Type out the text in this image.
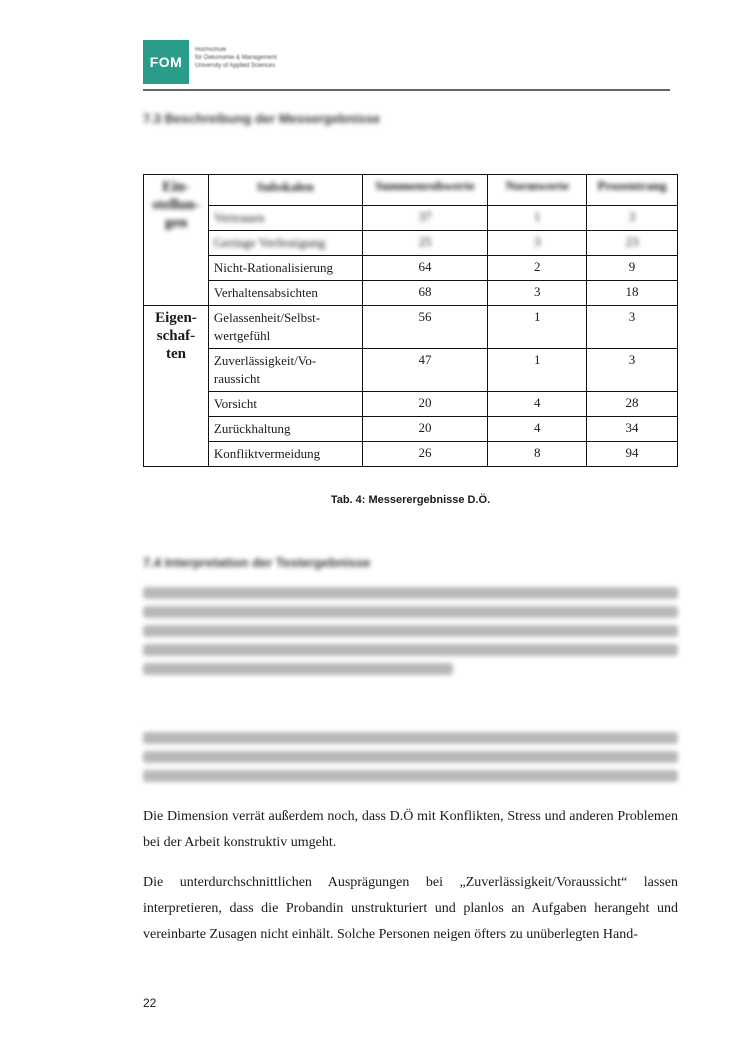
FOM
Hochschule
für Oekonomie & Management
University of Applied Sciences
7.3 Beschreibung der Messergebnisse
Ein-stellun-gen	Subskalen	Summenrohwerte	Normwerte	Prozentrang
	Vertrauen	37	1	3
	Geringe Verfestigung	25	3	23
	Nicht-Rationalisierung	64	2	9
	Verhaltensabsichten	68	3	18
Eigen-schaf-ten	Gelassenheit/Selbst-wertgefühl	56	1	3
	Zuverlässigkeit/Vo-raussicht	47	1	3
	Vorsicht	20	4	28
	Zurückhaltung	20	4	34
	Konfliktvermeidung	26	8	94
Tab. 4: Messerergebnisse D.Ö.
7.4 Interpretation der Testergebnisse
Die Dimension verrät außerdem noch, dass D.Ö mit Konflikten, Stress und anderen Problemen bei der Arbeit konstruktiv umgeht.
Die unterdurchschnittlichen Ausprägungen bei „Zuverlässigkeit/Voraussicht“ lassen interpretieren, dass die Probandin unstrukturiert und planlos an Aufgaben herangeht und vereinbarte Zusagen nicht einhält. Solche Personen neigen öfters zu unüberlegten Hand-
22
